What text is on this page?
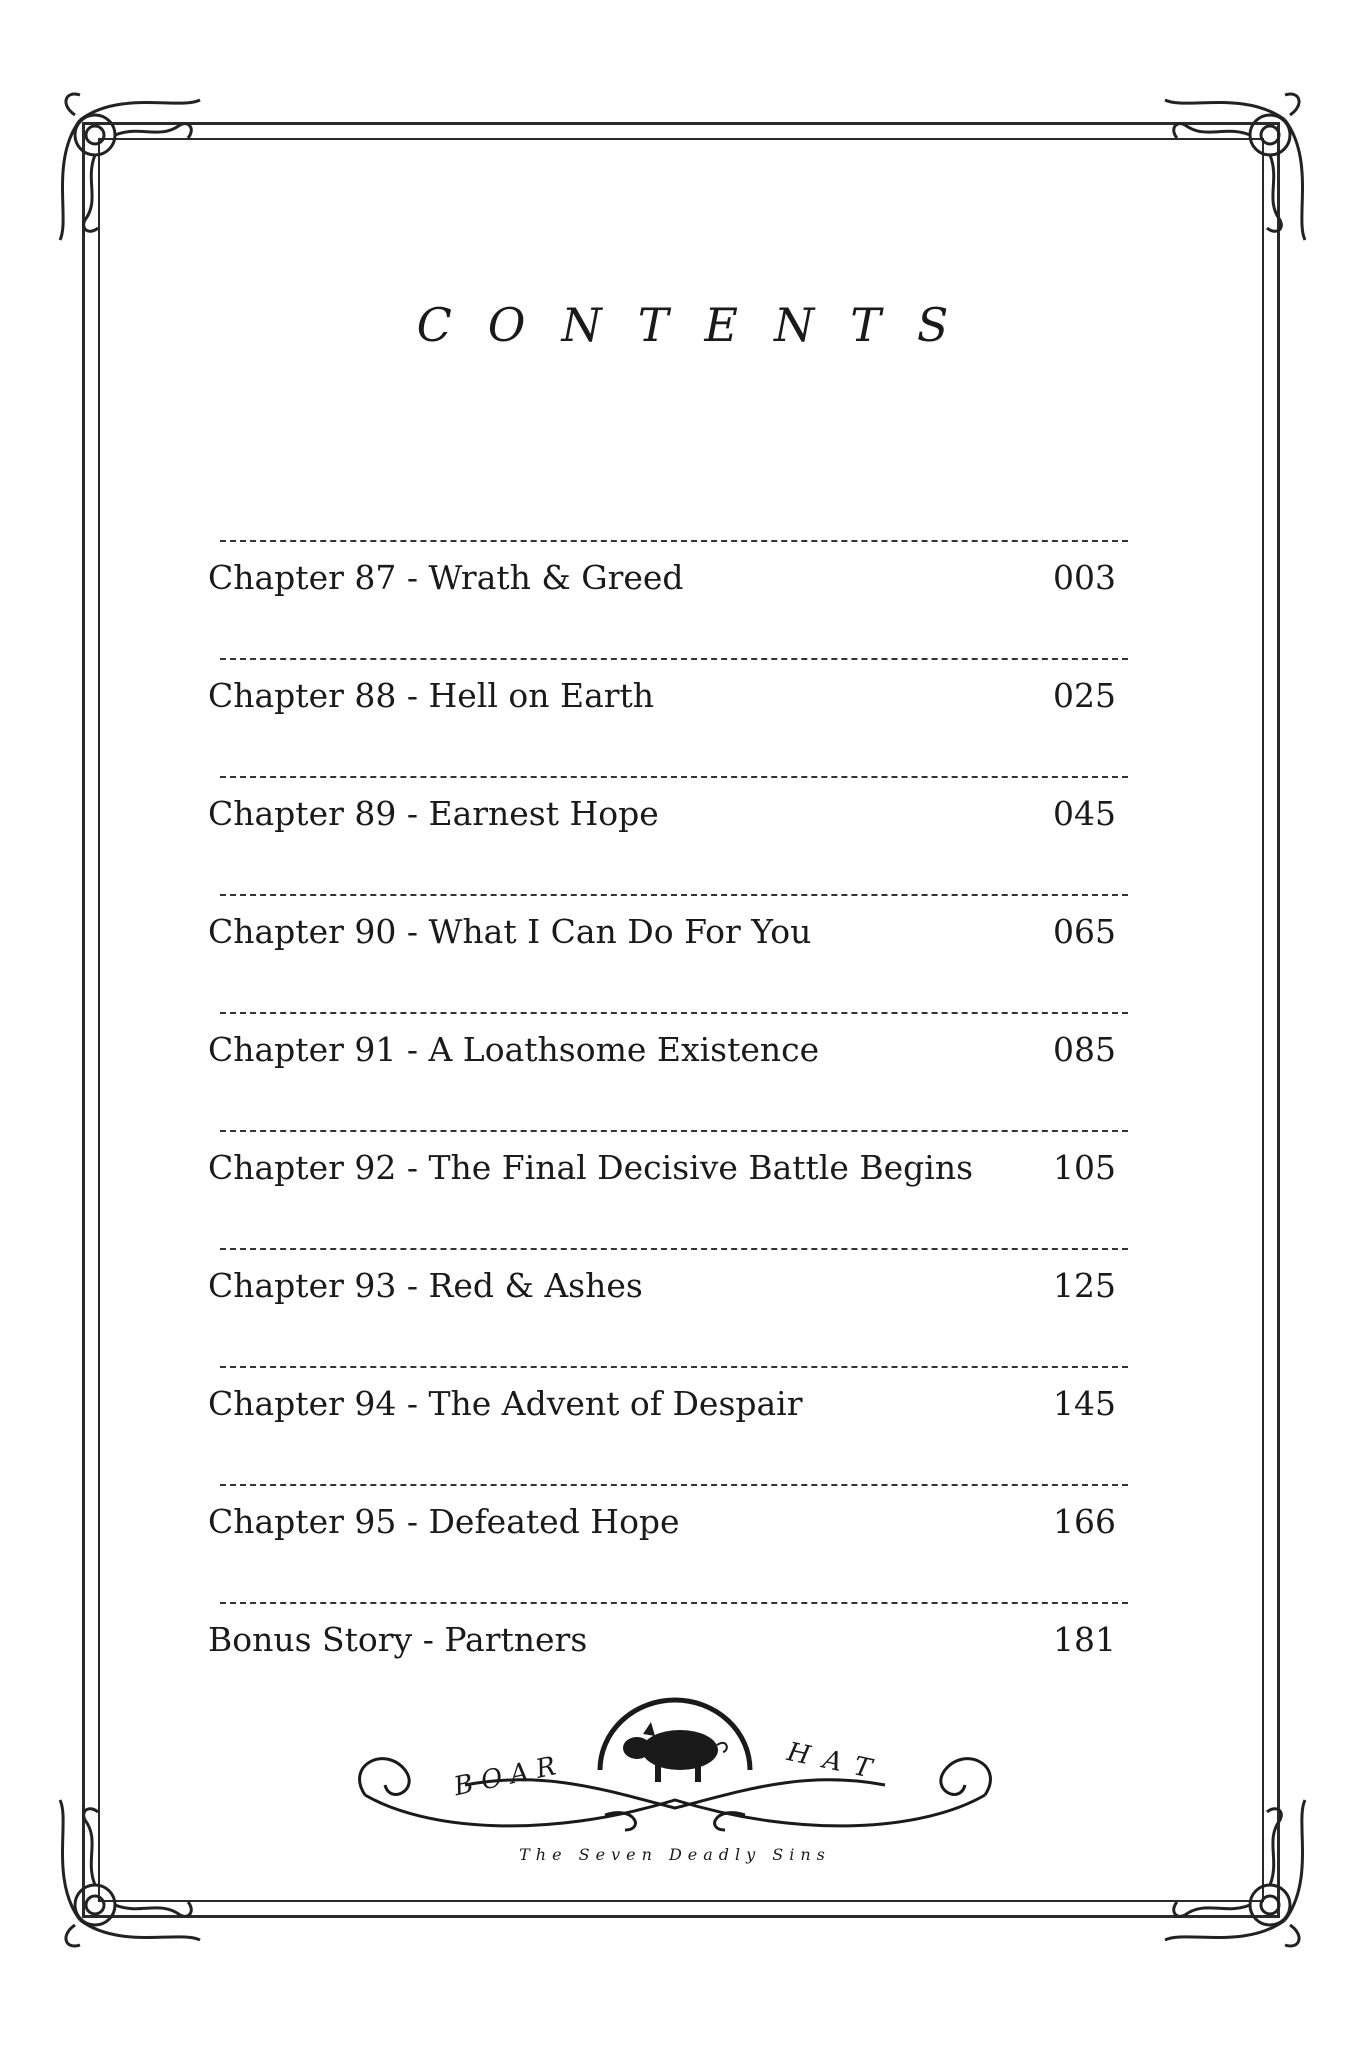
CONTENTS
Chapter 87 - Wrath & Greed	003
Chapter 88 - Hell on Earth	025
Chapter 89 - Earnest Hope	045
Chapter 90 - What I Can Do For You	065
Chapter 91 - A Loathsome Existence	085
Chapter 92 - The Final Decisive Battle Begins 105
Chapter 93 - Red & Ashes	125
Chapter 94 - The Advent of Despair	145
Chapter 95 - Defeated Hope	166
Bonus Story - Partners	181
BOAR	HAT
The Seven Deadly Sins
